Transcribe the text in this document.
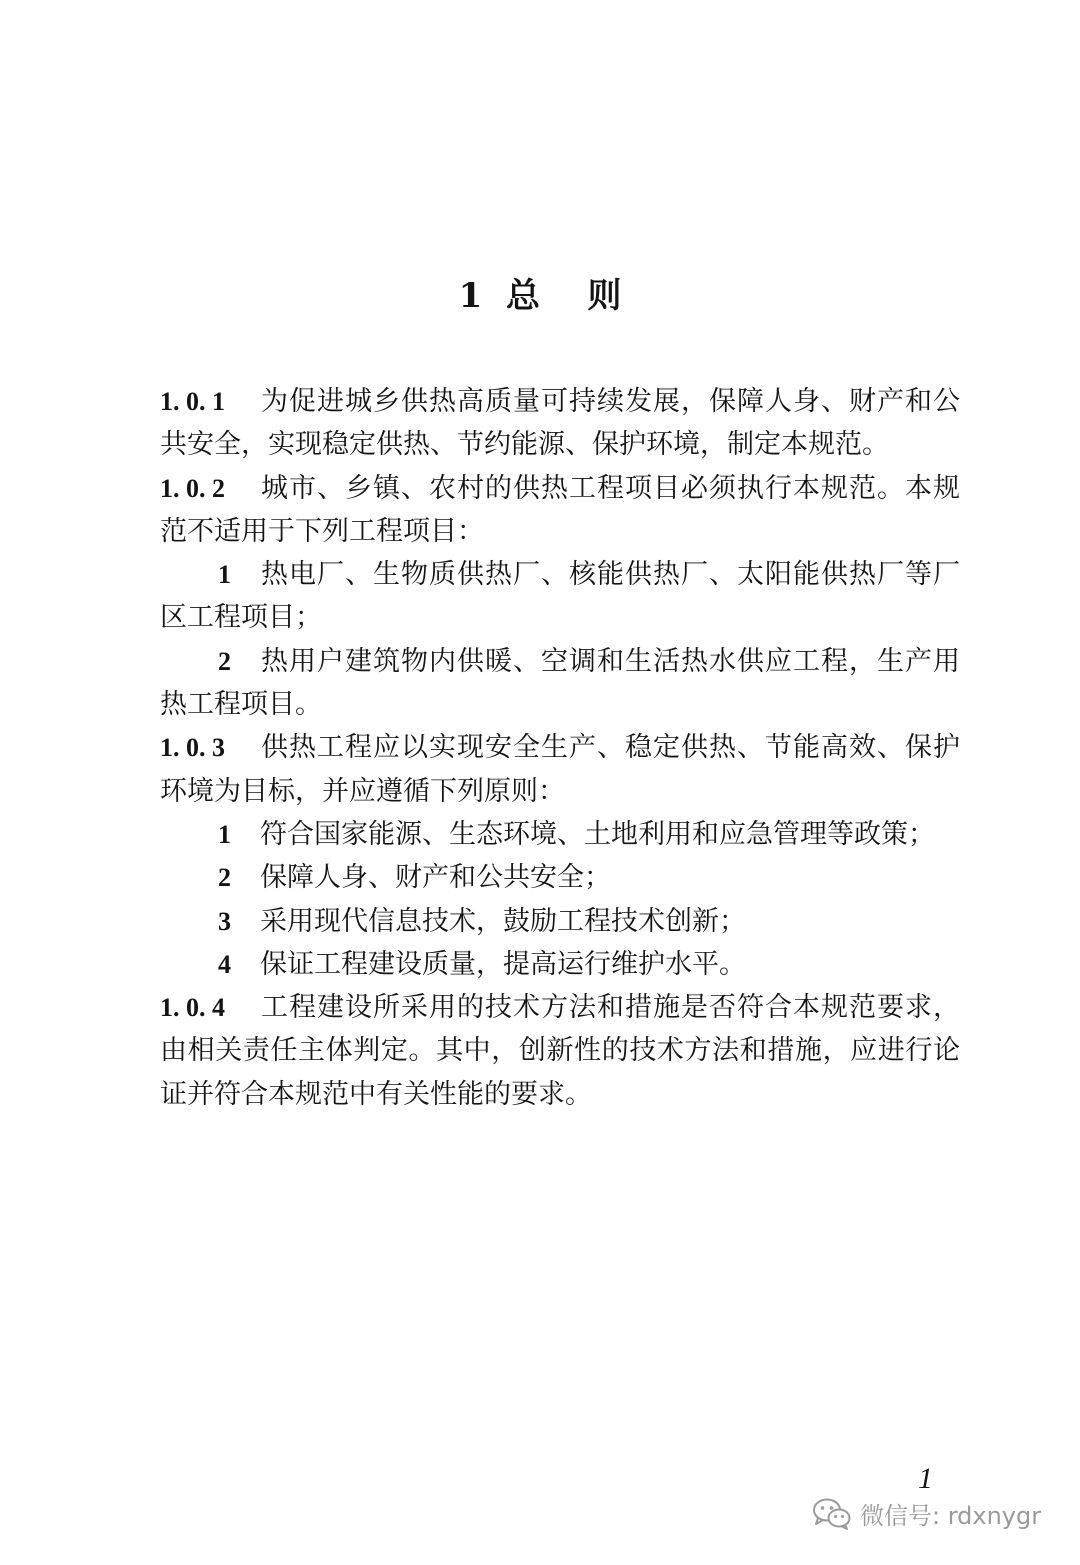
1  总    则

1. 0. 1 为促进城乡供热高质量可持续发展，保障人身、财产和公共安全，实现稳定供热、节约能源、保护环境，制定本规范。

1. 0. 2 城市、乡镇、农村的供热工程项目必须执行本规范。本规范不适用于下列工程项目：

1 热电厂、生物质供热厂、核能供热厂、太阳能供热厂等厂区工程项目；

2 热用户建筑物内供暖、空调和生活热水供应工程，生产用热工程项目。

1. 0. 3 供热工程应以实现安全生产、稳定供热、节能高效、保护环境为目标，并应遵循下列原则：

1 符合国家能源、生态环境、土地利用和应急管理等政策；

2 保障人身、财产和公共安全；

3 采用现代信息技术，鼓励工程技术创新；

4 保证工程建设质量，提高运行维护水平。

1. 0. 4 工程建设所采用的技术方法和措施是否符合本规范要求，由相关责任主体判定。其中，创新性的技术方法和措施，应进行论证并符合本规范中有关性能的要求。

1
微信号: rdxnygr
